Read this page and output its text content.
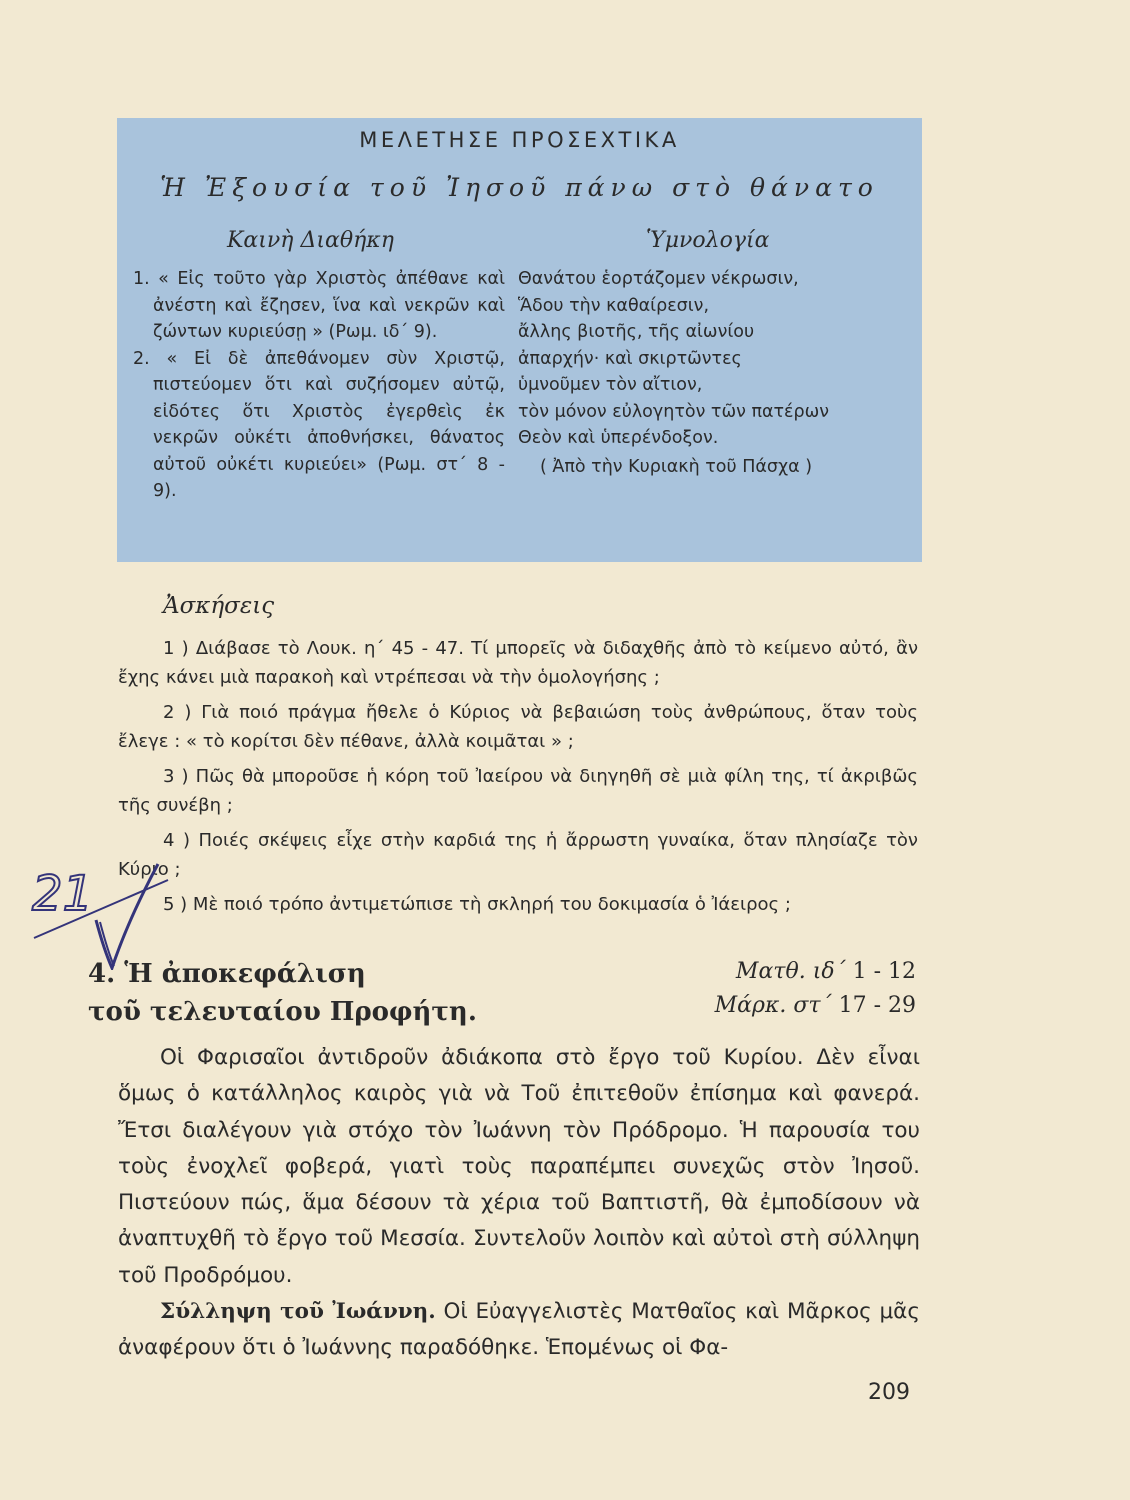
ΜΕΛΕΤΗΣΕ ΠΡΟΣΕΧΤΙΚΑ
Ἡ Ἐξουσία τοῦ Ἰησοῦ πάνω στὸ θάνατο
Καινὴ Διαθήκη	Ὑμνολογία
1. « Εἰς τοῦτο γὰρ Χριστὸς ἀπέθανε καὶ ἀνέστη καὶ ἔζησεν, ἵνα καὶ νεκρῶν καὶ ζώντων κυριεύσῃ » (Ρωμ. ιδ΄ 9).
2. « Εἰ δὲ ἀπεθάνομεν σὺν Χριστῷ, πιστεύομεν ὅτι καὶ συζήσομεν αὐτῷ, εἰδότες ὅτι Χριστὸς ἐγερθεὶς ἐκ νεκρῶν οὐκέτι ἀποθνήσκει, θάνατος αὐτοῦ οὐκέτι κυριεύει» (Ρωμ. στ΄ 8 - 9).
Θανάτου ἑορτάζομεν νέκρωσιν,
Ἅδου τὴν καθαίρεσιν,
ἄλλης βιοτῆς, τῆς αἰωνίου
ἀπαρχήν· καὶ σκιρτῶντες
ὑμνοῦμεν τὸν αἴτιον,
τὸν μόνον εὐλογητὸν τῶν πατέρων
Θεὸν καὶ ὑπερένδοξον.
( Ἀπὸ τὴν Κυριακὴ τοῦ Πάσχα )
Ἀσκήσεις
1 ) Διάβασε τὸ Λουκ. η΄ 45 - 47. Τί μπορεῖς νὰ διδαχθῆς ἀπὸ τὸ κείμενο αὐτό, ἂν ἔχης κάνει μιὰ παρακοὴ καὶ ντρέπεσαι νὰ τὴν ὁμολογήσης ;
2 ) Γιὰ ποιό πράγμα ἤθελε ὁ Κύριος νὰ βεβαιώση τοὺς ἀνθρώπους, ὅταν τοὺς ἔλεγε : « τὸ κορίτσι δὲν πέθανε, ἀλλὰ κοιμᾶται » ;
3 ) Πῶς θὰ μποροῦσε ἡ κόρη τοῦ Ἰαείρου νὰ διηγηθῆ σὲ μιὰ φίλη της, τί ἀκριβῶς τῆς συνέβη ;
4 ) Ποιές σκέψεις εἶχε στὴν καρδιά της ἡ ἄρρωστη γυναίκα, ὅταν πλησίαζε τὸν Κύριο ;
5 ) Μὲ ποιό τρόπο ἀντιμετώπισε τὴ σκληρή του δοκιμασία ὁ Ἰάειρος ;
21
4. Ἡ ἀποκεφάλιση
τοῦ τελευταίου Προφήτη.
Ματθ. ιδ΄ 1 - 12
Μάρκ. στ΄ 17 - 29

Οἱ Φαρισαῖοι ἀντιδροῦν ἀδιάκοπα στὸ ἔργο τοῦ Κυρίου. Δὲν εἶναι ὅμως ὁ κατάλληλος καιρὸς γιὰ νὰ Τοῦ ἐπιτεθοῦν ἐπίσημα καὶ φανερά. Ἔτσι διαλέγουν γιὰ στόχο τὸν Ἰωάννη τὸν Πρόδρομο. Ἡ παρουσία του τοὺς ἐνοχλεῖ φοβερά, γιατὶ τοὺς παραπέμπει συνεχῶς στὸν Ἰησοῦ. Πιστεύουν πώς, ἅμα δέσουν τὰ χέρια τοῦ Βαπτιστῆ, θὰ ἐμποδίσουν νὰ ἀναπτυχθῆ τὸ ἔργο τοῦ Μεσσία. Συντελοῦν λοιπὸν καὶ αὐτοὶ στὴ σύλληψη τοῦ Προδρόμου.

Σύλληψη τοῦ Ἰωάννη. Οἱ Εὐαγγελιστὲς Ματθαῖος καὶ Μᾶρκος μᾶς ἀναφέρουν ὅτι ὁ Ἰωάννης παραδόθηκε. Ἑπομένως οἱ Φα-

209
